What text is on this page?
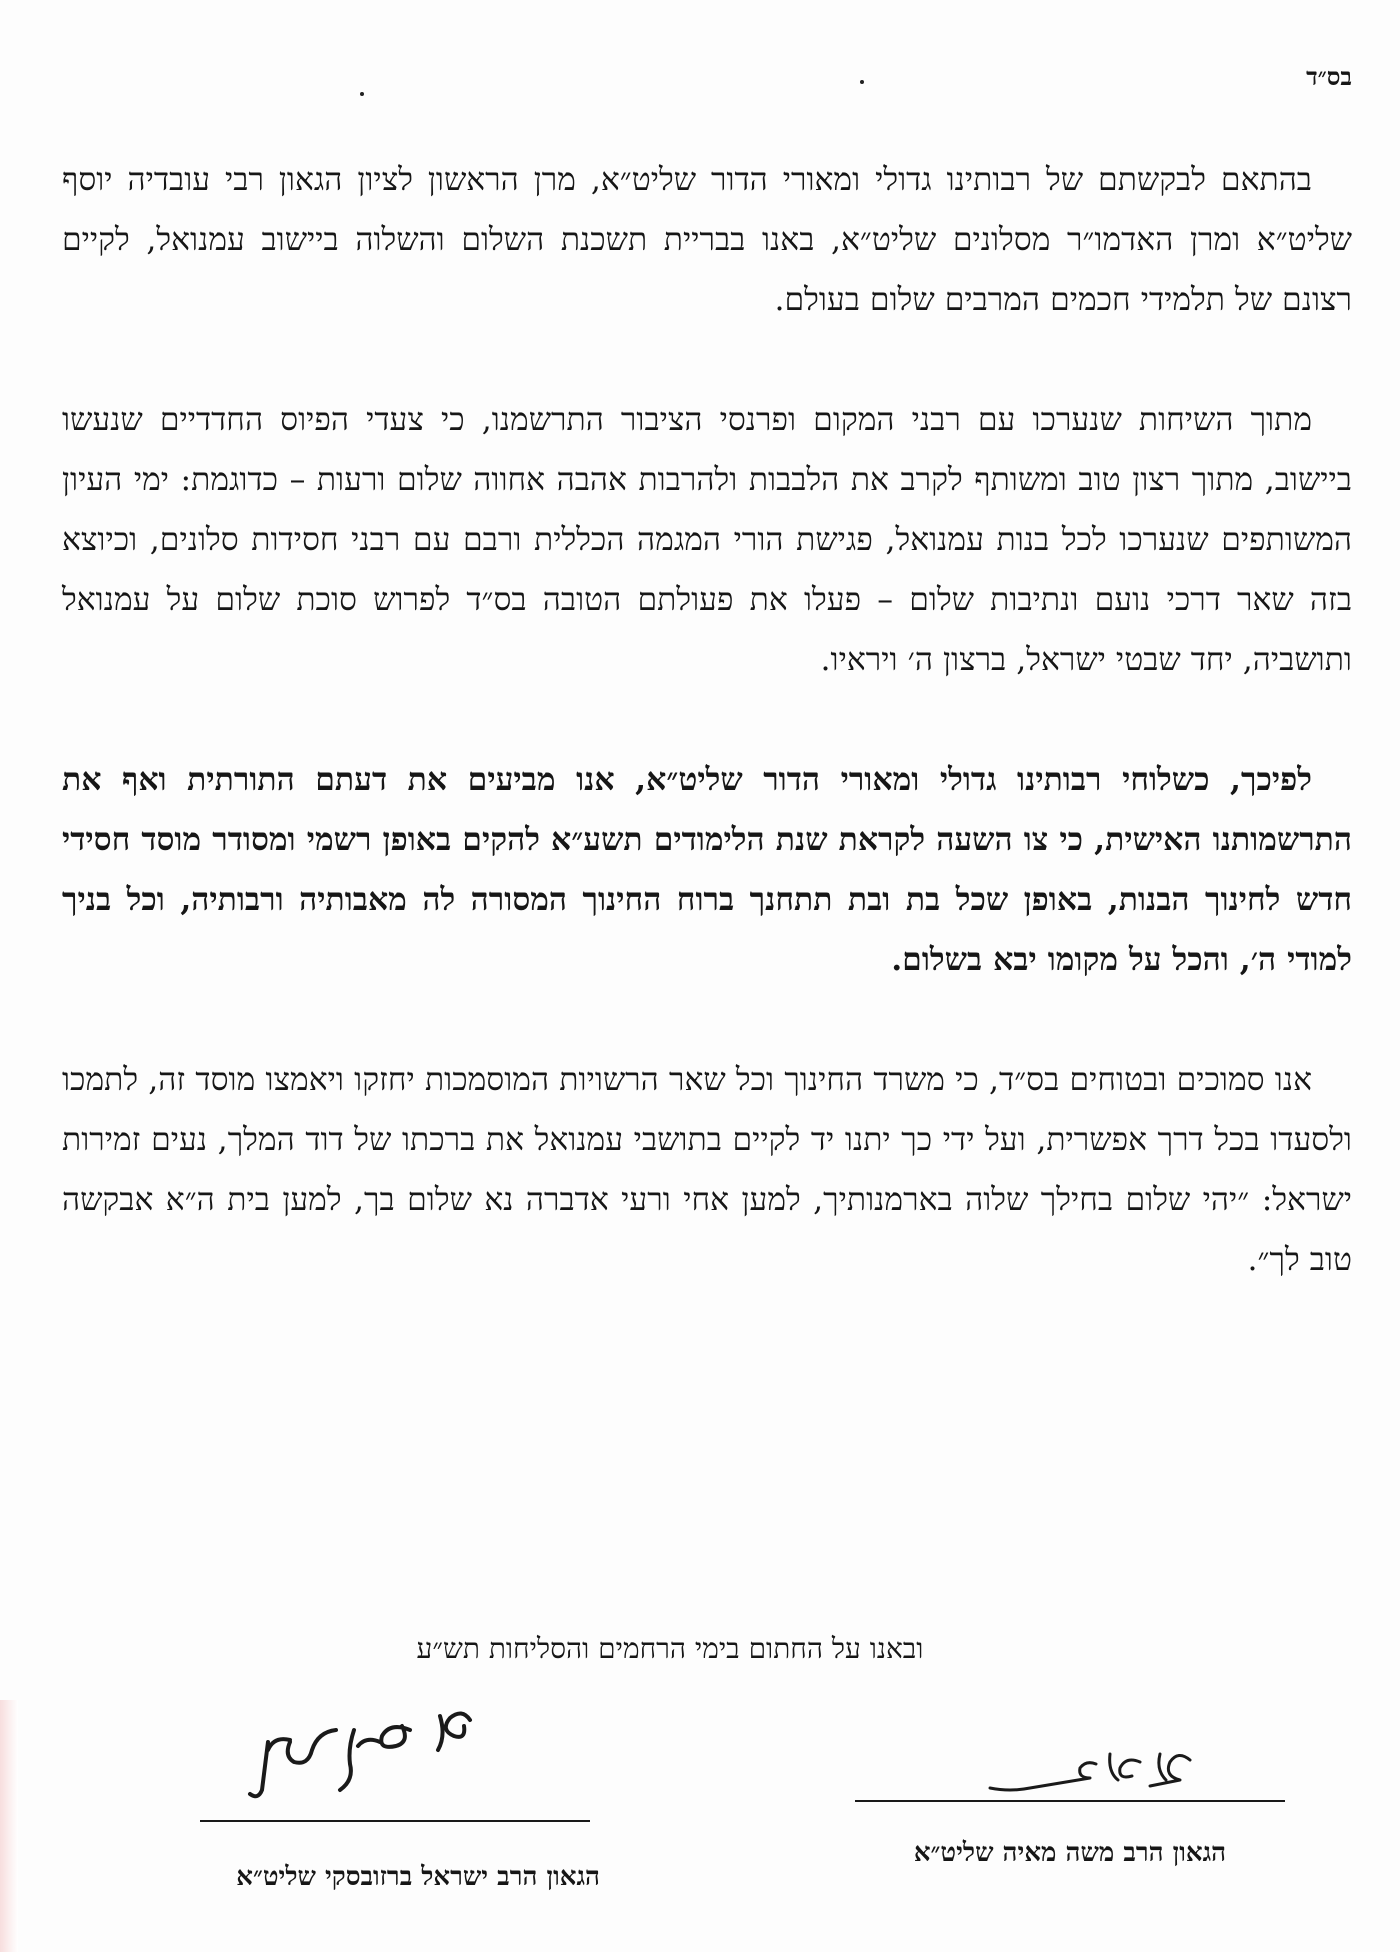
בס״ד

בהתאם לבקשתם של רבותינו גדולי ומאורי הדור שליט״א, מרן הראשון לציון הגאון רבי עובדיה יוסף שליט״א ומרן האדמו״ר מסלונים שליט״א, באנו בבריית תשכנת השלום והשלוה ביישוב עמנואל, לקיים רצונם של תלמידי חכמים המרבים שלום בעולם.

מתוך השיחות שנערכו עם רבני המקום ופרנסי הציבור התרשמנו, כי צעדי הפיוס החדדיים שנעשו ביישוב, מתוך רצון טוב ומשותף לקרב את הלבבות ולהרבות אהבה אחווה שלום ורעות – כדוגמת: ימי העיון המשותפים שנערכו לכל בנות עמנואל, פגישת הורי המגמה הכללית ורבם עם רבני חסידות סלונים, וכיוצא בזה שאר דרכי נועם ונתיבות שלום – פעלו את פעולתם הטובה בס״ד לפרוש סוכת שלום על עמנואל ותושביה, יחד שבטי ישראל, ברצון ה׳ ויראיו.

לפיכך, כשלוחי רבותינו גדולי ומאורי הדור שליט״א, אנו מביעים את דעתם התורתית ואף את התרשמותנו האישית, כי צו השעה לקראת שנת הלימודים תשע״א להקים באופן רשמי ומסודר מוסד חסידי חדש לחינוך הבנות, באופן שכל בת ובת תתחנך ברוח החינוך המסורה לה מאבותיה ורבותיה, וכל בניך למודי ה׳, והכל על מקומו יבא בשלום.

אנו סמוכים ובטוחים בס״ד, כי משרד החינוך וכל שאר הרשויות המוסמכות יחזקו ויאמצו מוסד זה, לתמכו ולסעדו בכל דרך אפשרית, ועל ידי כך יתנו יד לקיים בתושבי עמנואל את ברכתו של דוד המלך, נעים זמירות ישראל: ״יהי שלום בחילך שלוה בארמנותיך, למען אחי ורעי אדברה נא שלום בך, למען בית ה״א אבקשה טוב לך״.

ובאנו על החתום בימי הרחמים והסליחות תש״ע
הגאון הרב ישראל ברזובסקי שליט״א
הגאון הרב משה מאיה שליט״א
